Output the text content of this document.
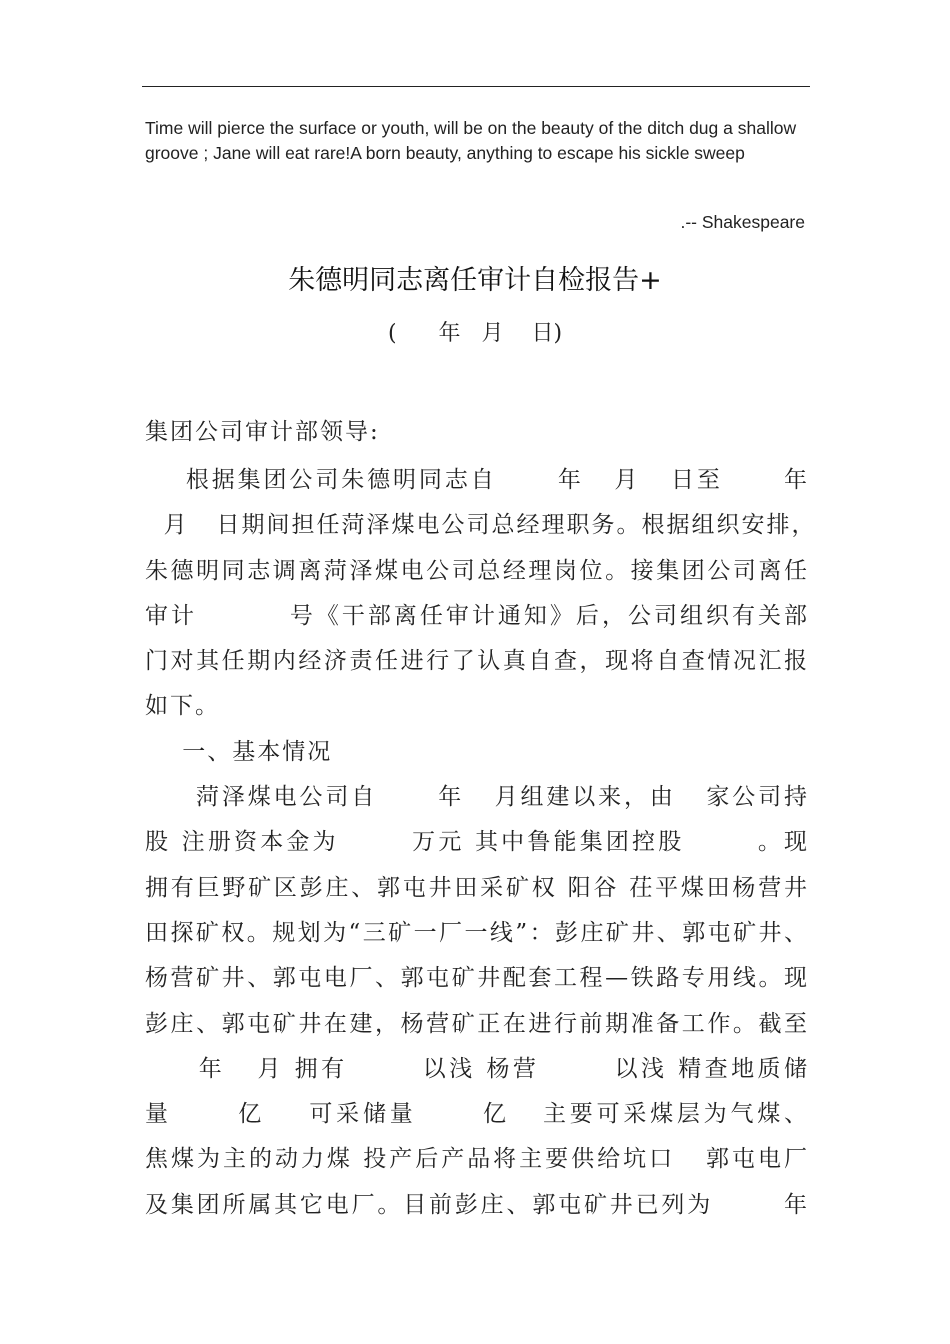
Time will pierce the surface or youth, will be on the beauty of the ditch dug a shallow groove ; Jane will eat rare!A born beauty, anything to escape his sickle sweep
.-- Shakespeare
朱德明同志离任审计自检报告+
(      年   月    日)
集团公司审计部领导:
根据集团公司朱德明同志自      年   月   日至      年
月   日期间担任菏泽煤电公司总经理职务。根据组织安排，
朱德明同志调离菏泽煤电公司总经理岗位。接集团公司离任
审计         号《干部离任审计通知》后，公司组织有关部
门对其任期内经济责任进行了认真自查，现将自查情况汇报
如下。
一、基本情况
菏泽煤电公司自      年   月组建以来，由   家公司持
股 注册资本金为       万元 其中鲁能集团控股       。现
拥有巨野矿区彭庄、郭屯井田采矿权 阳谷 茌平煤田杨营井
田探矿权。规划为“三矿一厂一线”：彭庄矿井、郭屯矿井、
杨营矿井、郭屯电厂、郭屯矿井配套工程—铁路专用线。现
彭庄、郭屯矿井在建，杨营矿正在进行前期准备工作。截至
年   月 拥有       以浅 杨营       以浅 精查地质储
量      亿    可采储量      亿   主要可采煤层为气煤、
焦煤为主的动力煤 投产后产品将主要供给坑口   郭屯电厂
及集团所属其它电厂。目前彭庄、郭屯矿井已列为       年
